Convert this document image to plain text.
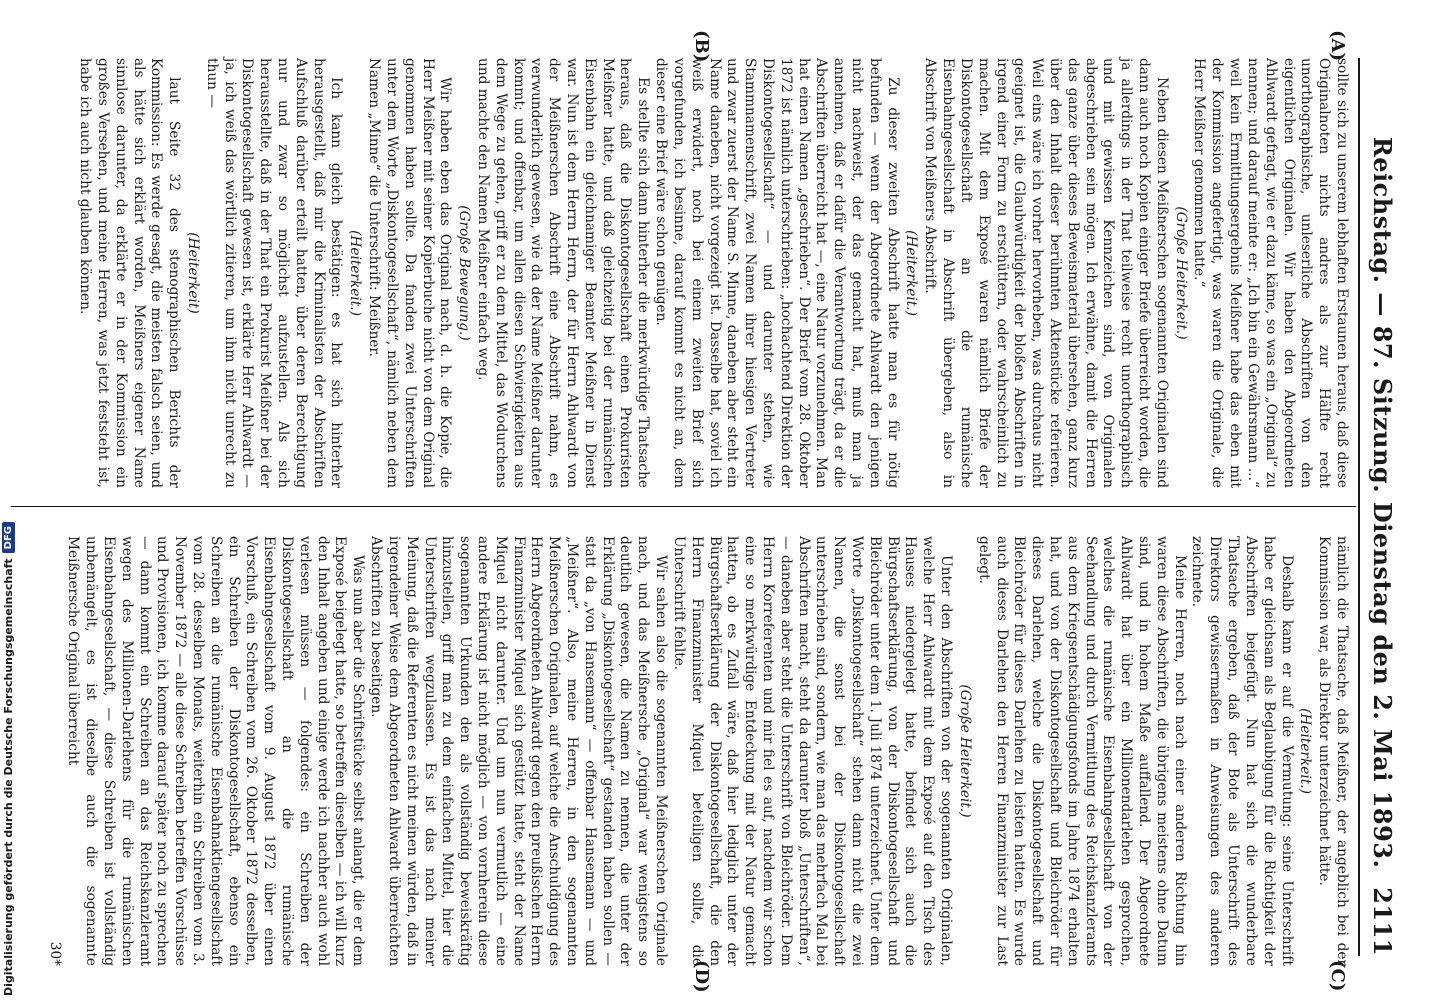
Reichstag. — 87. Sitzung. Dienstag den 2. Mai 1893.
2111
(A)
(B)
(C)
(D)

sollte sich zu unserem lebhaften Erstaunen heraus, daß diese Originalnoten nichts andres als zur Hälfte recht unorthographische, unleserliche Abschriften von den eigentlichen Originalen. Wir haben den Abgeordneten Ahlwardt gefragt, wie er dazu käme, so was ein „Original“ zu nennen; und darauf meinte er: „Ich bin ein Gewährsmann ...“ weil kein Ermittlungsergebnis Meißner habe das eben mit der Kommission angefertigt, was waren die Originale, die Herr Meißner genommen hatte.“

(Große Heiterkeit.)

Neben diesen Meißnerschen sogenannten Originalen sind dann auch noch Kopien einiger Briefe überreicht worden, die ja allerdings in der That teilweise recht unorthographisch und mit gewissen Kennzeichen sind, von Originalen abgeschrieben sein mögen. Ich erwähne, damit die Herren das ganze über dieses Beweismaterial übersehen, ganz kurz über den Inhalt dieser berühmten Aktenstücke referieren. Weil eins wäre ich vorher hervorheben, was durchaus nicht geeignet ist, die Glaubwürdigkeit der bloßen Abschriften in irgend einer Form zu erschüttern, oder wahrscheinlich zu machen. Mit dem Exposé waren nämlich Briefe der Diskontogesellschaft an die rumänische Eisenbahngesellschaft in Abschrift übergeben, also in Abschrift von Meißners Abschrift.

(Heiterkeit.)

Zu dieser zweiten Abschrift hatte man es für nötig befunden — wenn der Abgeordnete Ahlwardt den jenigen nicht nachweist, der das gemacht hat, muß man ja annehmen, daß er dafür die Verantwortung trägt, da er die Abschriften überreicht hat —, eine Natur vorzunehmen. Man hat einen Namen „geschrieben“. Der Brief vom 28. Oktober 1872 ist nämlich unterschrieben: „hochachtend Direktion der Diskontogesellschaft“ — und darunter stehen, wie Stammnamenschrift, zwei Namen ihrer hiesigen Vertreter und zwar zuerst der Name S. Minne, daneben aber steht ein Name daneben, nicht vorgezeigt ist. Dasselbe hat, soviel ich weiß erwidert, noch bei einem zweiten Brief sich vorgefunden, ich besinne, darauf kommt es nicht an, dem dieser eine Brief wäre schon genügen.

Es stellte sich dann hinterher die merkwürdige Thatsache heraus, daß die Diskontogesellschaft einen Prokuristen Meißner hatte, und daß gleichzeitig bei der rumänischen Eisenbahn ein gleichnamiger Beamter Meißner in Dienst war. Nun ist dem Herrn Herrn, der für Herrn Ahlwardt von der Meißnerschen Abschrift eine Abschrift nahm, es verwunderlich gewesen, wie da der Name Meißner darunter kommt; und offenbar, um allen diesen Schwierigkeiten aus dem Wege zu gehen, griff er zu dem Mittel, das Wodurchens und machte den Namen Meißner einfach weg.

(Große Bewegung.)

Wir haben eben das Original nach, d. h. die Kopie, die Herr Meißner mit seiner Kopierbuche nicht von dem Original genommen haben sollte. Da fanden zwei Unterschriften unter dem Worte „Diskontogesellschaft“, nämlich neben dem Namen „Minne“ die Unterschrift: Meißner.

(Heiterkeit.)

Ich kann gleich bestätigen: es hat sich hinterher herausgestellt, daß mir die Kriminalisten der Abschriften Aufschluß darüber erteilt hatten, über deren Berechtigung nur und zwar so möglichst aufzustellen. Als sich herausstellte, daß in der That ein Prokurist Meißner bei der Diskontogesellschaft gewesen ist, erklärte Herr Ahlwardt — ja, ich weiß das wörtlich zitieren, um ihm nicht unrecht zu thun —

(Heiterkeit)

laut Seite 32 des stenographischen Berichts der Kommission: Es werde gesagt, die meisten falsch seien, und als hätte sich erklärt worden, Meißners eigener Name sinnlose darunter, da erklärte er in der Kommission ein großes Versehen, und meine Herren, was jetzt feststeht ist, habe ich auch nicht glauben können.

nämlich die Thatsache, daß Meißner, der angeblich bei der Kommission war, als Direktor unterzeichnet hätte.

(Heiterkeit.)

Deshalb kann er auf die Vermutung: seine Unterschrift habe er gleichsam als Beglaubigung für die Richtigkeit der Abschriften beigefügt. Nun hat sich die wunderbare Thatsache ergeben, daß der Bote als Unterschrift des Direktors gewissermaßen in Anweisungen des anderen zeichnete.

Meine Herren, noch nach einer anderen Richtung hin waren diese Abschriften, die übrigens meistens ohne Datum sind, und in hohem Maße auffallend. Der Abgeordnete Ahlwardt hat über ein Millionendarlehen gesprochen, welches die rumänische Eisenbahngesellschaft von der Seehandlung und durch Vermittlung des Reichskanzleramts aus dem Kriegsentschädigungsfonds im Jahre 1874 erhalten hat, und von der Diskontogesellschaft und Bleichröder für dieses Darlehen, welche die Diskontogesellschaft und Bleichröder für dieses Darlehen zu leisten hatten. Es wurde auch dieses Darlehen den Herren Finanzminister zur Last gelegt.

(Große Heiterkeit.)

Unter den Abschriften von der sogenannten Originalen, welche Herr Ahlwardt mit dem Exposé auf den Tisch des Hauses niedergelegt hatte, befindet sich auch die Bürgschaftserklärung, von der Diskontogesellschaft und Bleichröder unter dem 1. Juli 1874 unterzeichnet. Unter dem Worte „Diskontogesellschaft“ stehen dann nicht die zwei Namen, die sonst bei der Diskontogesellschaft unterschrieben sind, sondern, wie man das mehrfach Mal bei Abschriften macht, steht da darunter bloß „Unterschriften“, — daneben aber steht die Unterschrift von Bleichröder. Dem Herrn Korreferenten und mir fiel es auf, nachdem wir schon eine so merkwürdige Entdeckung mit der Natur gemacht hatten, ob es Zufall wäre, daß hier lediglich unter der Bürgschaftserklärung der Diskontogesellschaft, die den Herrn Finanzminister Miquel beteiligen sollte, die Unterschrift fehlte.

Wir sahen also die sogenannten Meißnerschen Originale nach, und das Meißnersche „Original“ war wenigstens so deutlich gewesen, die Namen zu nennen, die unter der Erklärung „Diskontogesellschaft“ gestanden haben sollen — statt da „von Hansemann“ — offenbar Hansemann — und „Meißner“. Also, meine Herren, in den sogenannten Meißnerschen Originalen, auf welche die Anschuldigung des Herrn Abgeordneten Ahlwardt gegen den preußischen Herrn Finanzminister Miquel sich gestützt hatte, steht der Name Miquel nicht darunter. Und um nun vermutlich — eine andere Erklärung ist nicht möglich — von vornherein diese sogenannten Urkunden den als vollständig beweiskräftig hinzustellen, griff man zu dem einfachen Mittel, hier die Unterschriften wegzulassen. Es ist das nach meiner Meinung, daß die Referenten es nicht meinen würden, daß in irgendeiner Weise dem Abgeordneten Ahlwardt überreichten Abschriften zu beseitigen.

Was nun aber die Schriftstücke selbst anlangt, die er dem Exposé beigelegt hatte, so betreffen dieselben — ich will kurz den Inhalt angeben und einige werde ich nachher auch wohl verlesen müssen — folgendes: ein Schreiben der Diskontogesellschaft an die rumänische Eisenbahngesellschaft vom 9. August 1872 über einen Vorschuß, ein Schreiben vom 26. Oktober 1872 desselben, ein Schreiben der Diskontogesellschaft, ebenso ein Schreiben an die rumänische Eisenbahnaktiengesellschaft vom 28. desselben Monats, weiterhin ein Schreiben vom 3. November 1872 — alle diese Schreiben betreffen Vorschüsse und Provisionen, ich komme darauf später noch zu sprechen — dann kommt ein Schreiben an das Reichskanzleramt wegen des Millionen-Darlehens für die rumänischen Eisenbahngesellschaft, — diese Schreiben ist vollständig unbemängelt, es ist dieselbe auch die sogenannte Meißnersche Original überreicht

30*

Digitalisierung gefördert durch die Deutsche Forschungsgemeinschaft
DFG
